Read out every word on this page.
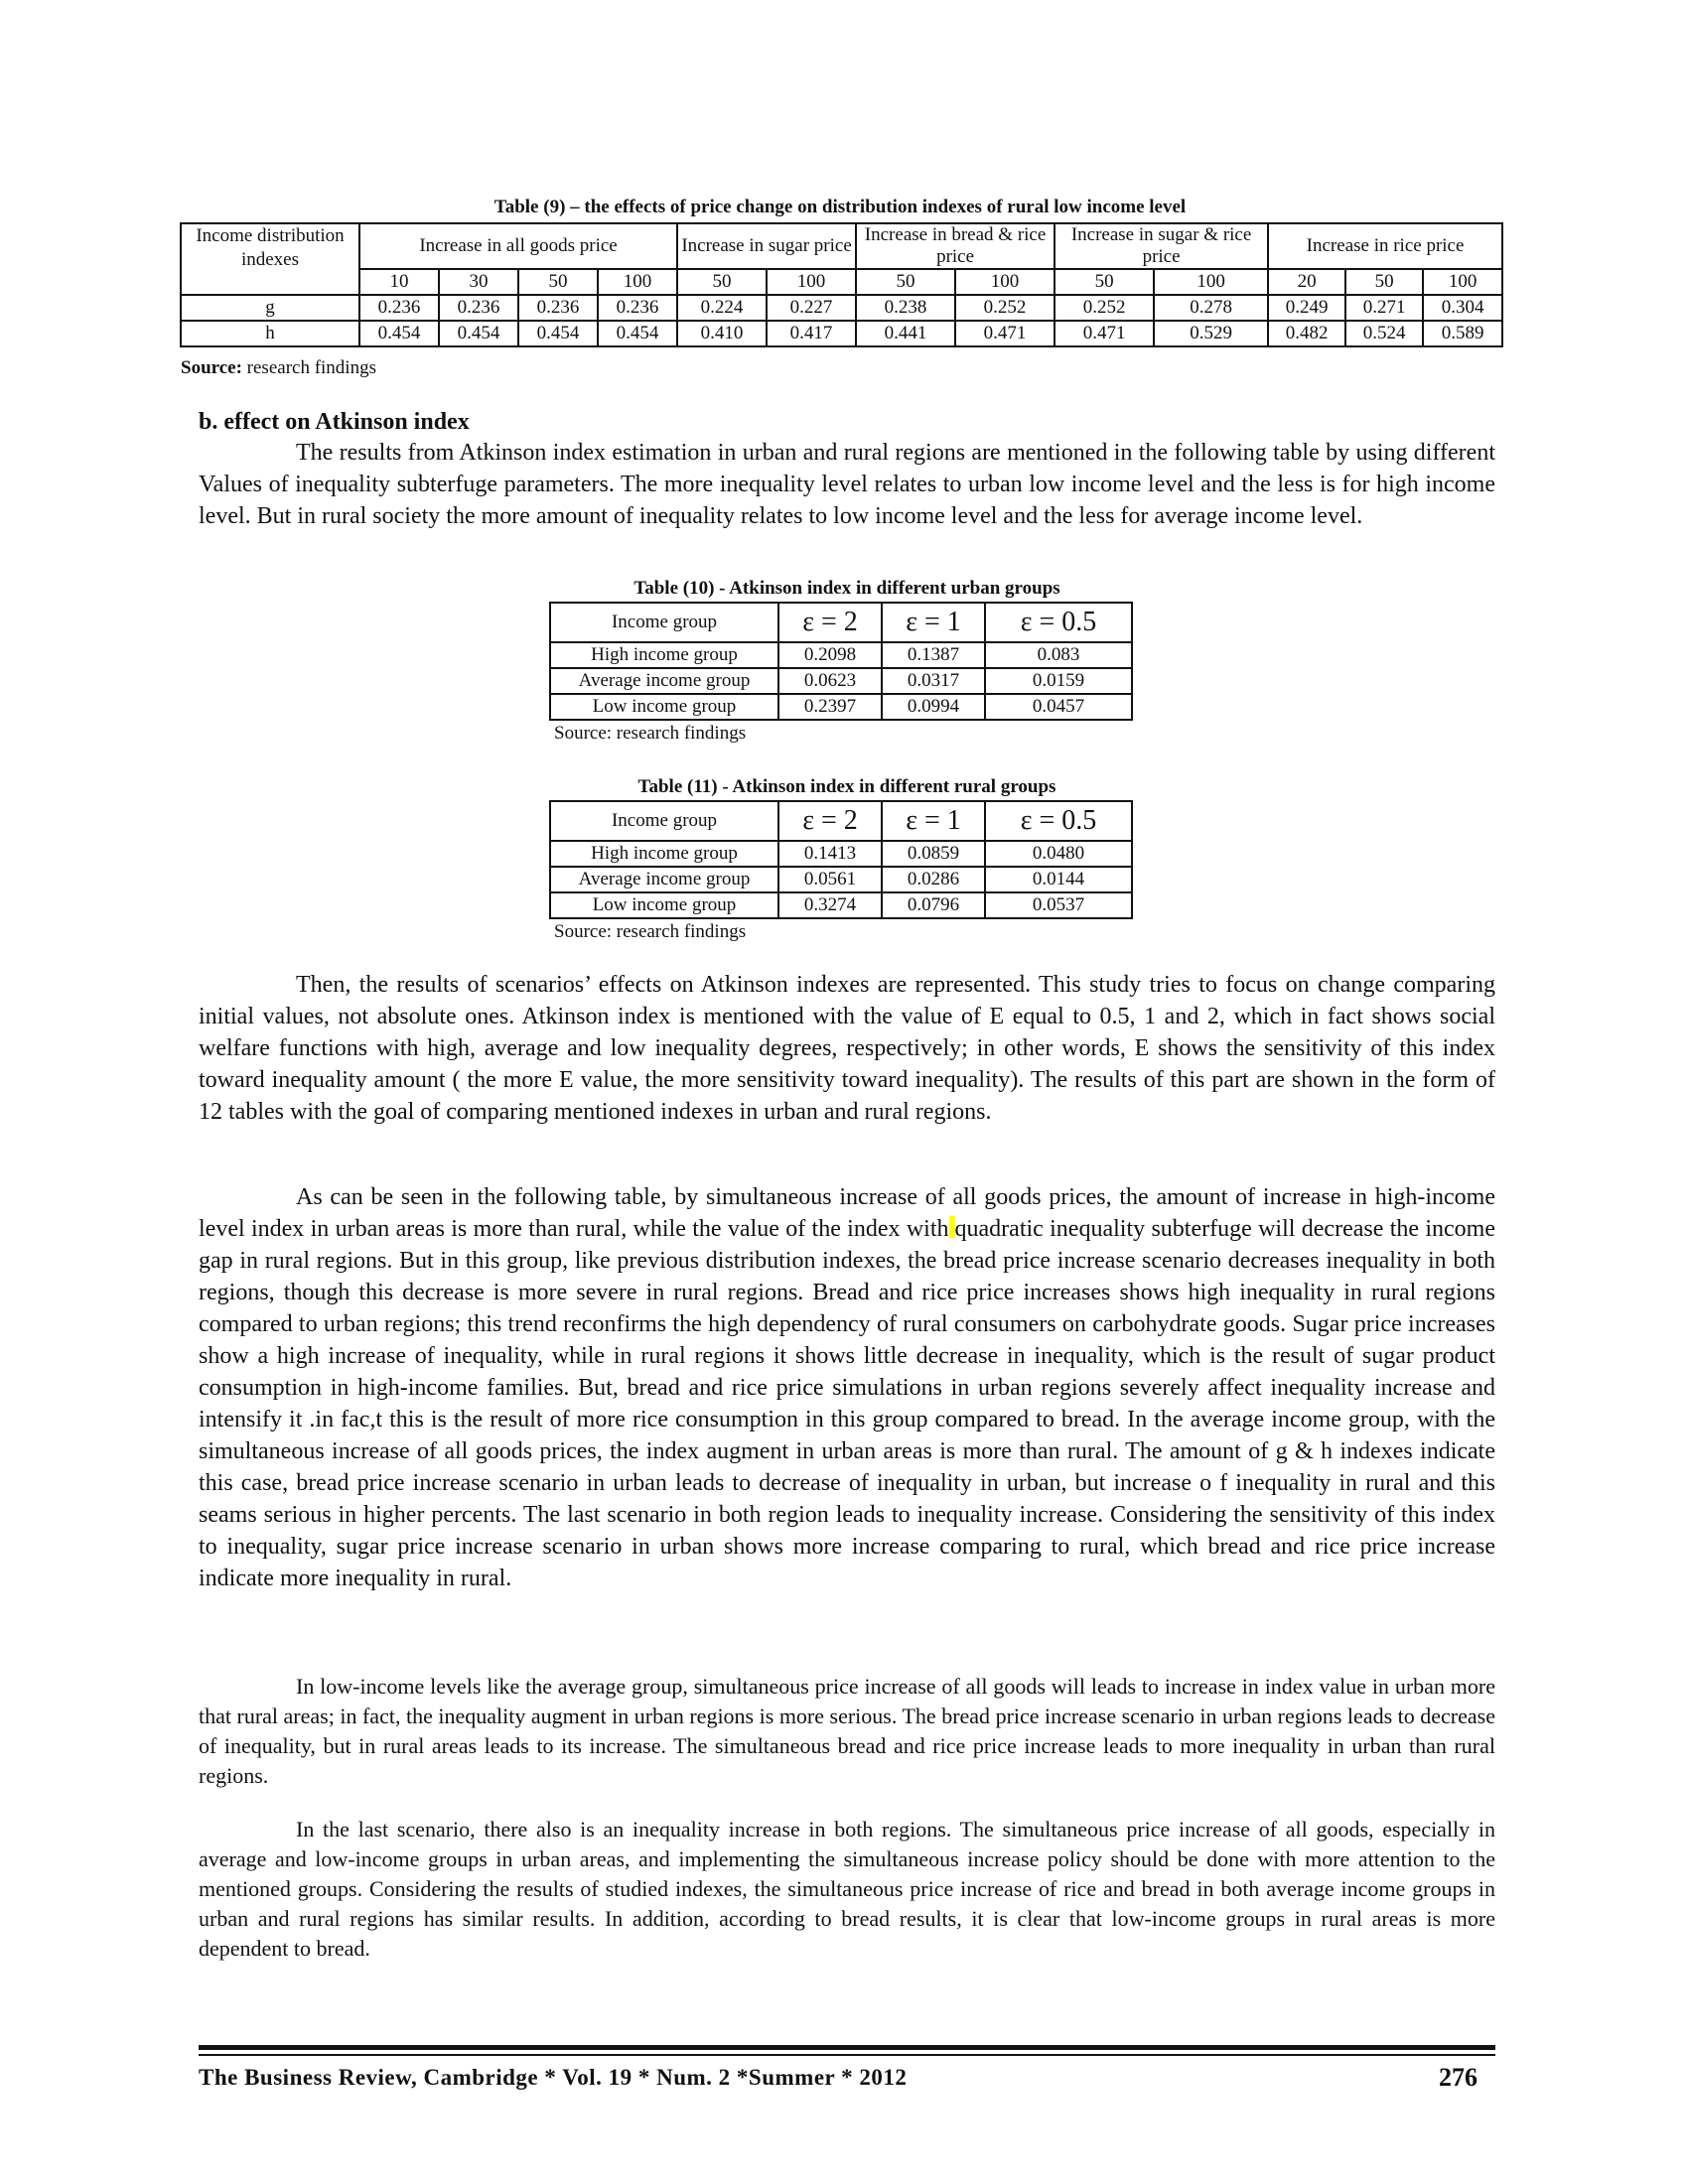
Table (9) – the effects of price change on distribution indexes of rural low income level
Income distribution indexes	Increase in all goods price				Increase in sugar price		Increase in bread & rice price		Increase in sugar & rice price		Increase in rice price		
	10	30	50	100	50	100	50	100	50	100	20	50	100
g	0.236	0.236	0.236	0.236	0.224	0.227	0.238	0.252	0.252	0.278	0.249	0.271	0.304
h	0.454	0.454	0.454	0.454	0.410	0.417	0.441	0.471	0.471	0.529	0.482	0.524	0.589
Source: research findings
b. effect on Atkinson index
The results from Atkinson index estimation in urban and rural regions are mentioned in the following table by using different Values of inequality subterfuge parameters. The more inequality level relates to urban low income level and the less is for high income level. But in rural society the more amount of inequality relates to low income level and the less for average income level.
Table (10) - Atkinson index in different urban groups
Income group	ε = 2	ε = 1	ε = 0.5
High income group	0.2098	0.1387	0.083
Average income group	0.0623	0.0317	0.0159
Low income group	0.2397	0.0994	0.0457
Source: research findings
Table (11) - Atkinson index in different rural groups
Income group	ε = 2	ε = 1	ε = 0.5
High income group	0.1413	0.0859	0.0480
Average income group	0.0561	0.0286	0.0144
Low income group	0.3274	0.0796	0.0537
Source: research findings
Then, the results of scenarios’ effects on Atkinson indexes are represented. This study tries to focus on change comparing initial values, not absolute ones. Atkinson index is mentioned with the value of E equal to 0.5, 1 and 2, which in fact shows social welfare functions with high, average and low inequality degrees, respectively; in other words, E shows the sensitivity of this index toward inequality amount ( the more E value, the more sensitivity toward inequality). The results of this part are shown in the form of 12 tables with the goal of comparing mentioned indexes in urban and rural regions.
As can be seen in the following table, by simultaneous increase of all goods prices, the amount of increase in high-income level index in urban areas is more than rural, while the value of the index with quadratic inequality subterfuge will decrease the income gap in rural regions. But in this group, like previous distribution indexes, the bread price increase scenario decreases inequality in both regions, though this decrease is more severe in rural regions. Bread and rice price increases shows high inequality in rural regions compared to urban regions; this trend reconfirms the high dependency of rural consumers on carbohydrate goods. Sugar price increases show a high increase of inequality, while in rural regions it shows little decrease in inequality, which is the result of sugar product consumption in high-income families. But, bread and rice price simulations in urban regions severely affect inequality increase and intensify it .in fac,t this is the result of more rice consumption in this group compared to bread. In the average income group, with the simultaneous increase of all goods prices, the index augment in urban areas is more than rural. The amount of g & h indexes indicate this case, bread price increase scenario in urban leads to decrease of inequality in urban, but increase o f inequality in rural and this seams serious in higher percents. The last scenario in both region leads to inequality increase. Considering the sensitivity of this index to inequality, sugar price increase scenario in urban shows more increase comparing to rural, which bread and rice price increase indicate more inequality in rural.
In low-income levels like the average group, simultaneous price increase of all goods will leads to increase in index value in urban more that rural areas; in fact, the inequality augment in urban regions is more serious. The bread price increase scenario in urban regions leads to decrease of inequality, but in rural areas leads to its increase. The simultaneous bread and rice price increase leads to more inequality in urban than rural regions.
In the last scenario, there also is an inequality increase in both regions. The simultaneous price increase of all goods, especially in average and low-income groups in urban areas, and implementing the simultaneous increase policy should be done with more attention to the mentioned groups. Considering the results of studied indexes, the simultaneous price increase of rice and bread in both average income groups in urban and rural regions has similar results. In addition, according to bread results, it is clear that low-income groups in rural areas is more dependent to bread.
The Business Review, Cambridge * Vol. 19 * Num. 2 *Summer * 2012	276
